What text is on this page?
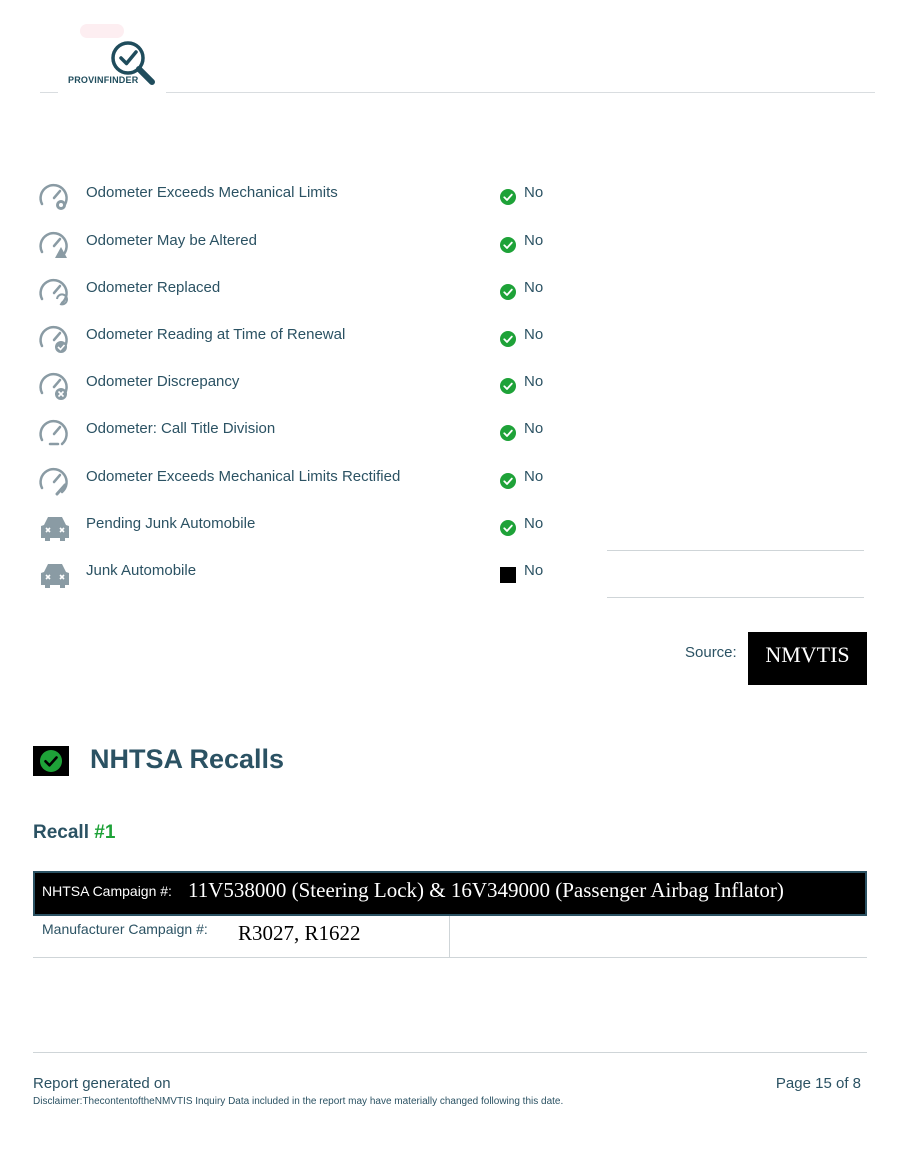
PROVINFINDER
Odometer Exceeds Mechanical Limits	No
Odometer May be Altered	No
Odometer Replaced	No
Odometer Reading at Time of Renewal	No
Odometer Discrepancy	No
Odometer: Call Title Division	No
Odometer Exceeds Mechanical Limits Rectified	No
Pending Junk Automobile	No
Junk Automobile	No
Source:	NMVTIS
NHTSA Recalls
Recall #1
NHTSA Campaign #: 11V538000 (Steering Lock) & 16V349000 (Passenger Airbag Inflator)
Manufacturer Campaign #: R3027, R1622
Report generated on	Page 15 of 8
Disclaimer:ThecontentoftheNMVTIS Inquiry Data included in the report may have materially changed following this date.
